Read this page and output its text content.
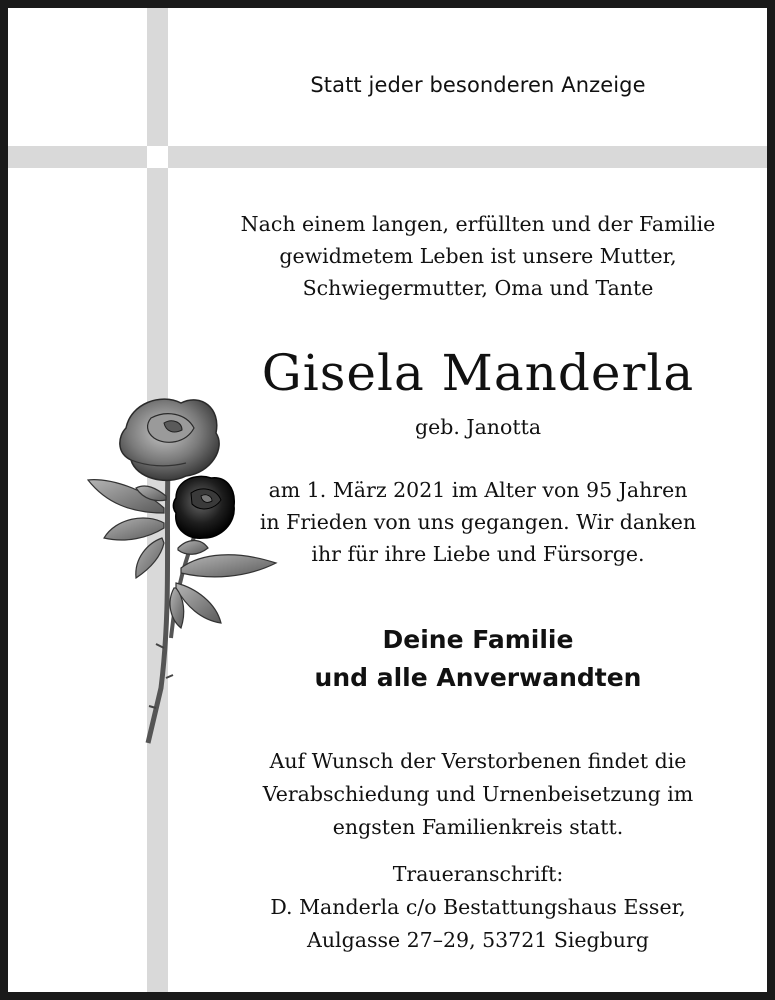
Statt jeder besonderen Anzeige

Nach einem langen, erfüllten und der Familie
gewidmetem Leben ist unsere Mutter,
Schwiegermutter, Oma und Tante

Gisela Manderla

geb. Janotta

am 1. März 2021 im Alter von 95 Jahren
in Frieden von uns gegangen. Wir danken
ihr für ihre Liebe und Fürsorge.

Deine Familie
und alle Anverwandten

Auf Wunsch der Verstorbenen findet die
Verabschiedung und Urnenbeisetzung im
engsten Familienkreis statt.

Traueranschrift:

D. Manderla c/o Bestattungshaus Esser,
Aulgasse 27–29, 53721 Siegburg
